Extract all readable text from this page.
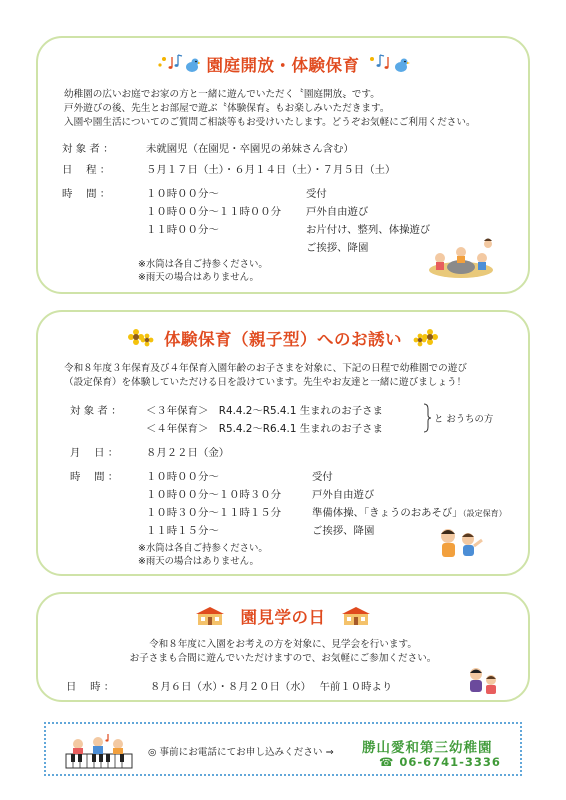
園庭開放・体験保育
幼稚園の広いお庭でお家の方と一緒に遊んでいただく〝園庭開放〟です。
戸外遊びの後、先生とお部屋で遊ぶ〝体験保育〟もお楽しみいただきます。
入園や園生活についてのご質問ご相談等もお受けいたします。どうぞお気軽にご利用ください。
対 象 者 ：	未就園児（在園児・卒園児の弟妹さん含む）
日　 程 ：	５月１７日（土）・６月１４日（土）・７月５日（土）
時　 間 ：	１０時００分～	受付
１０時００分～１１時００分 戸外自由遊び
１１時００分～	お片付け、整列、体操遊び
ご挨拶、降園
※水筒は各自ご持参ください。
※雨天の場合はありません。
体験保育（親子型）へのお誘い
令和８年度３年保育及び４年保育入園年齢のお子さまを対象に、下記の日程で幼稚園での遊び
（設定保育）を体験していただける日を設けています。先生やお友達と一緒に遊びましょう！
対 象 者 ： ＜３年保育＞　R4.4.2～R5.4.1 生まれのお子さま
＜４年保育＞　R5.4.2～R6.4.1 生まれのお子さま
と おうちの方
月　 日 ：	８月２２日（金）
時　 間 ：	１０時００分～	受付
１０時００分～１０時３０分	戸外自由遊び
１０時３０分～１１時１５分	準備体操、「きょうのおあそび」（設定保育）
１１時１５分～	ご挨拶、降園
※水筒は各自ご持参ください。
※雨天の場合はありません。
園見学の日
令和８年度に入園をお考えの方を対象に、見学会を行います。
お子さまも合間に遊んでいただけますので、お気軽にご参加ください。
日　 時 ：	８月６日（水）・８月２０日（水）　 午前１０時より
◎ 事前にお電話にてお申し込みください ⇒ 勝山愛和第三幼稚園
☎ 06-6741-3336
